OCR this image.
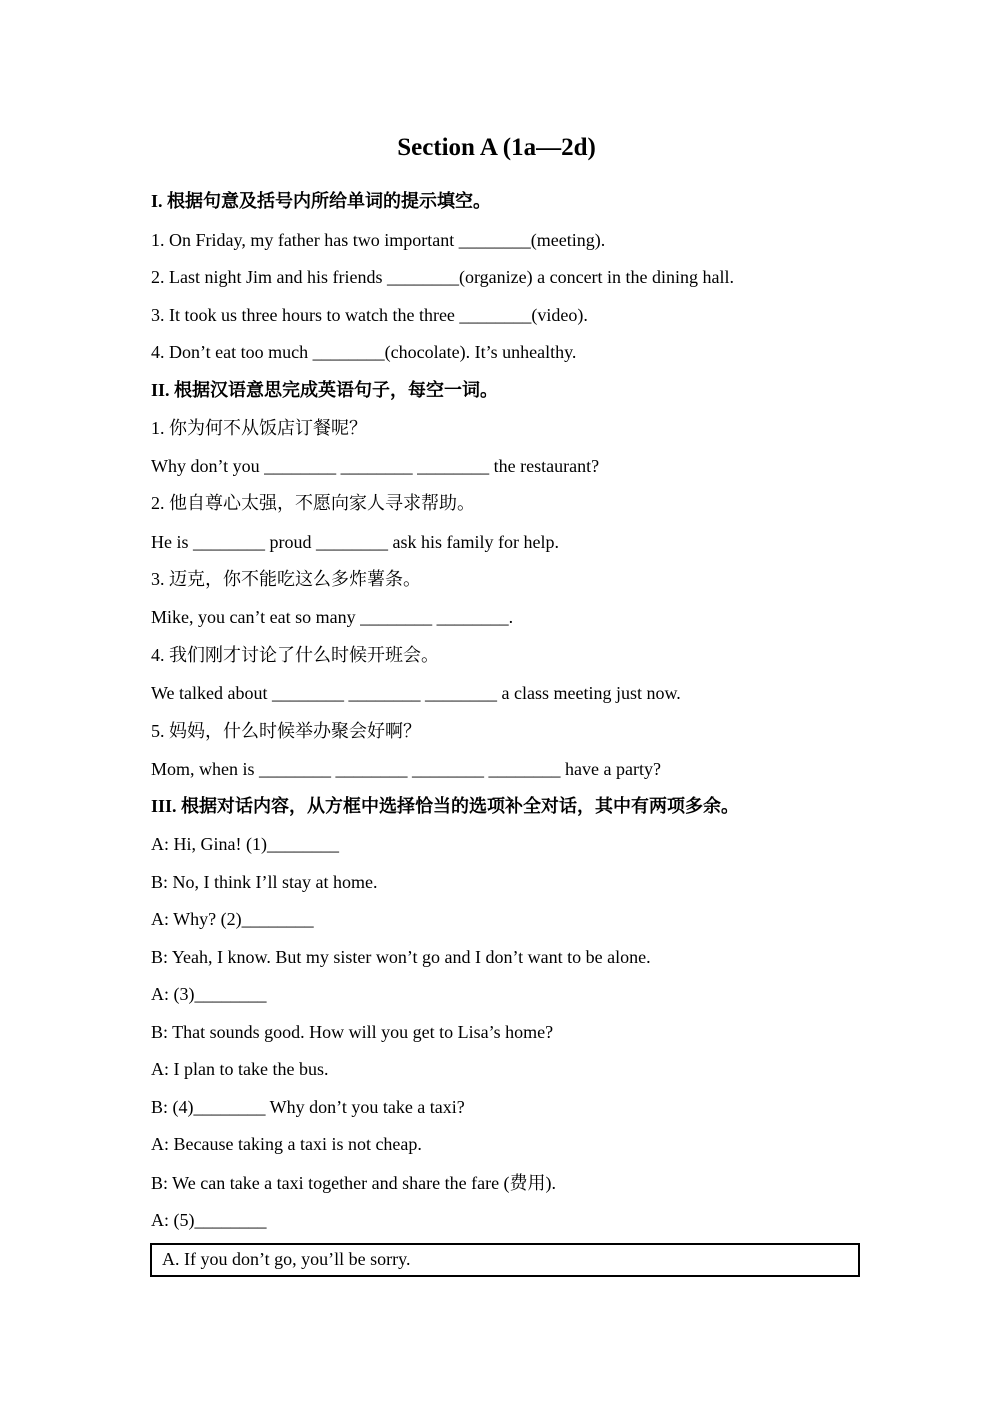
Section A (1a—2d)

I. 根据句意及括号内所给单词的提示填空。

1. On Friday, my father has two important ________(meeting).

2. Last night Jim and his friends ________(organize) a concert in the dining hall.

3. It took us three hours to watch the three ________(video).

4. Don’t eat too much ________(chocolate). It’s unhealthy.

II. 根据汉语意思完成英语句子，每空一词。

1. 你为何不从饭店订餐呢？

Why don’t you ________ ________ ________ the restaurant?

2. 他自尊心太强，不愿向家人寻求帮助。

He is ________ proud ________ ask his family for help.

3. 迈克，你不能吃这么多炸薯条。

Mike, you can’t eat so many ________ ________.

4. 我们刚才讨论了什么时候开班会。

We talked about ________ ________ ________ a class meeting just now.

5. 妈妈，什么时候举办聚会好啊？

Mom, when is ________ ________ ________ ________ have a party?

III. 根据对话内容，从方框中选择恰当的选项补全对话，其中有两项多余。

A: Hi, Gina! (1)________

B: No, I think I’ll stay at home.

A: Why? (2)________

B: Yeah, I know. But my sister won’t go and I don’t want to be alone.

A: (3)________

B: That sounds good. How will you get to Lisa’s home?

A: I plan to take the bus.

B: (4)________ Why don’t you take a taxi?

A: Because taking a taxi is not cheap.

B: We can take a taxi together and share the fare (费用).

A: (5)________

A. If you don’t go, you’ll be sorry.
